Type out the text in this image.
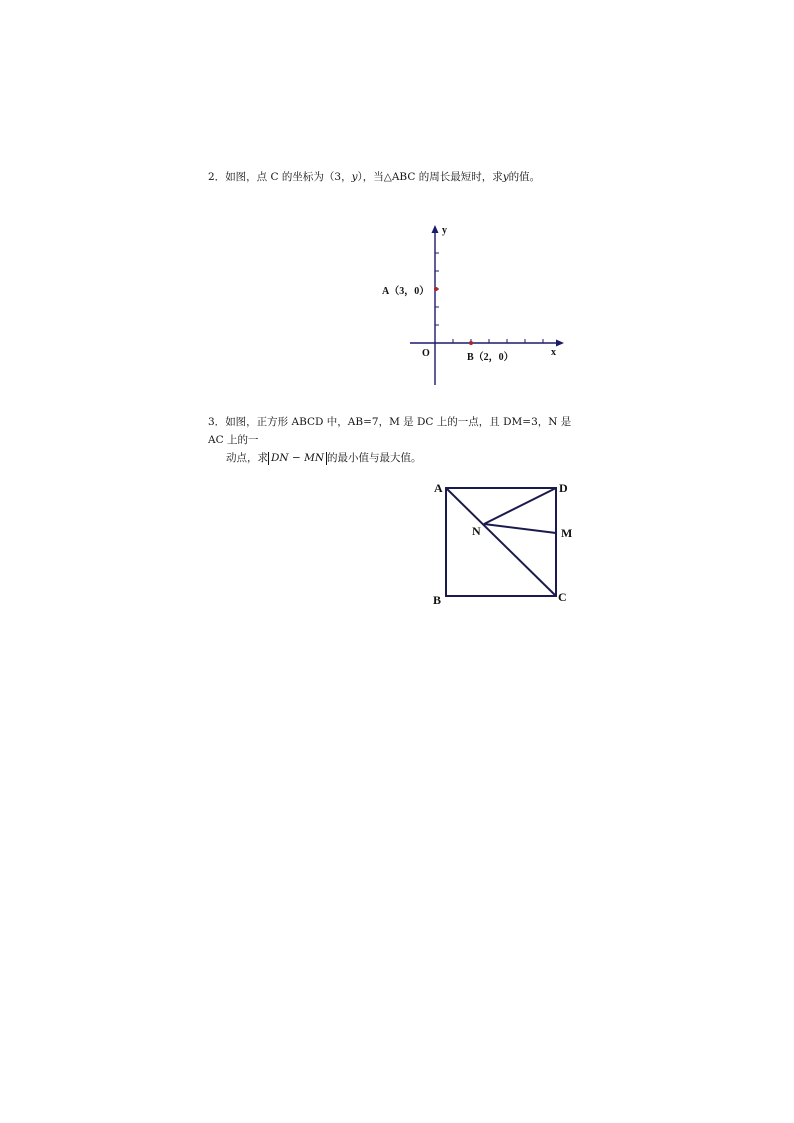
2．如图，点 C 的坐标为（3，y），当△ABC 的周长最短时，求y的值。
y
x
O
A（3，0）
B（2，0）
3．如图，正方形 ABCD 中，AB=7，M 是 DC 上的一点，且 DM=3，N 是 AC 上的一
动点，求 DN − MN 的最小值与最大值。
A	D
N	M
B	C
